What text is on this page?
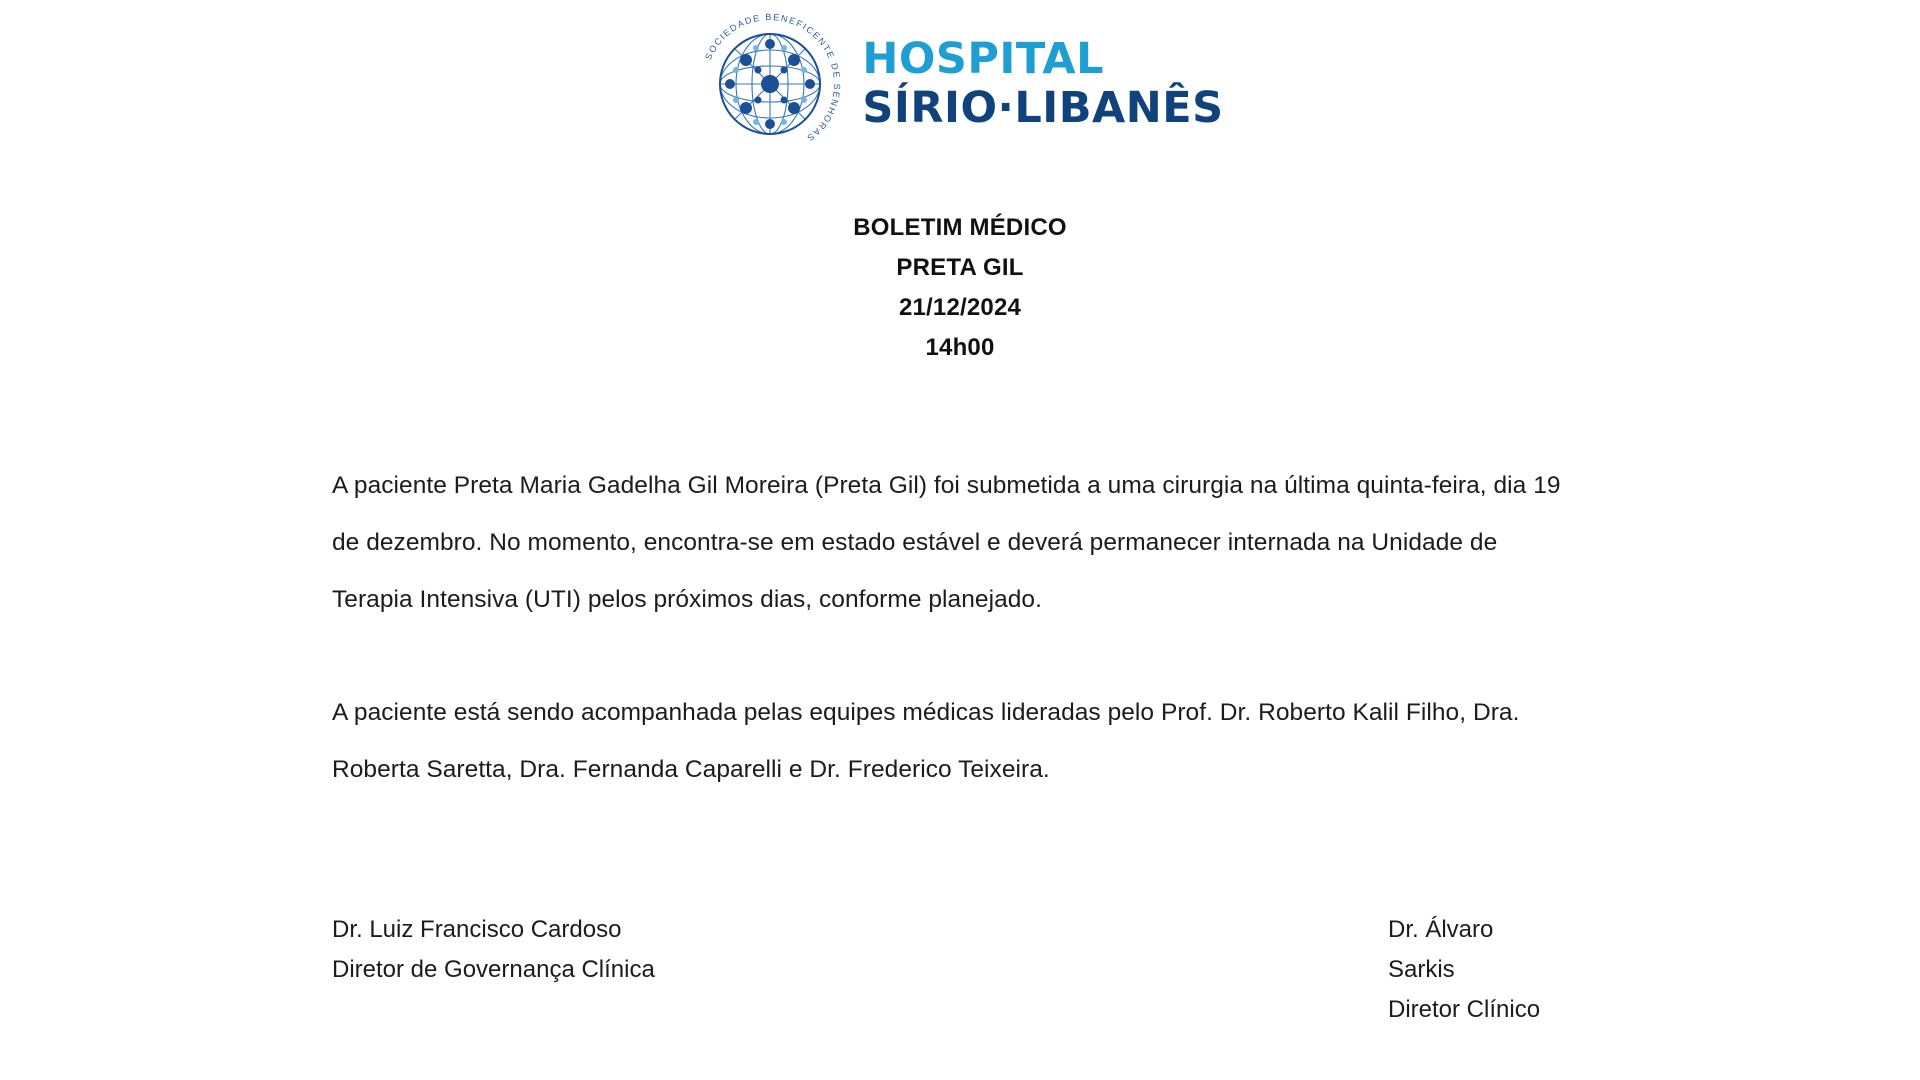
SOCIEDADE BENEFICENTE DE SENHORAS
HOSPITAL
SÍRIO·LIBANÊS
BOLETIM MÉDICO
PRETA GIL
21/12/2024
14h00

A paciente Preta Maria Gadelha Gil Moreira (Preta Gil) foi submetida a uma cirurgia na última quinta-feira, dia 19 de dezembro. No momento, encontra-se em estado estável e deverá permanecer internada na Unidade de Terapia Intensiva (UTI) pelos próximos dias, conforme planejado.

A paciente está sendo acompanhada pelas equipes médicas lideradas pelo Prof. Dr. Roberto Kalil Filho, Dra. Roberta Saretta, Dra. Fernanda Caparelli e Dr. Frederico Teixeira.

Dr. Luiz Francisco Cardoso
Diretor de Governança Clínica
Dr. Álvaro Sarkis
Diretor Clínico
